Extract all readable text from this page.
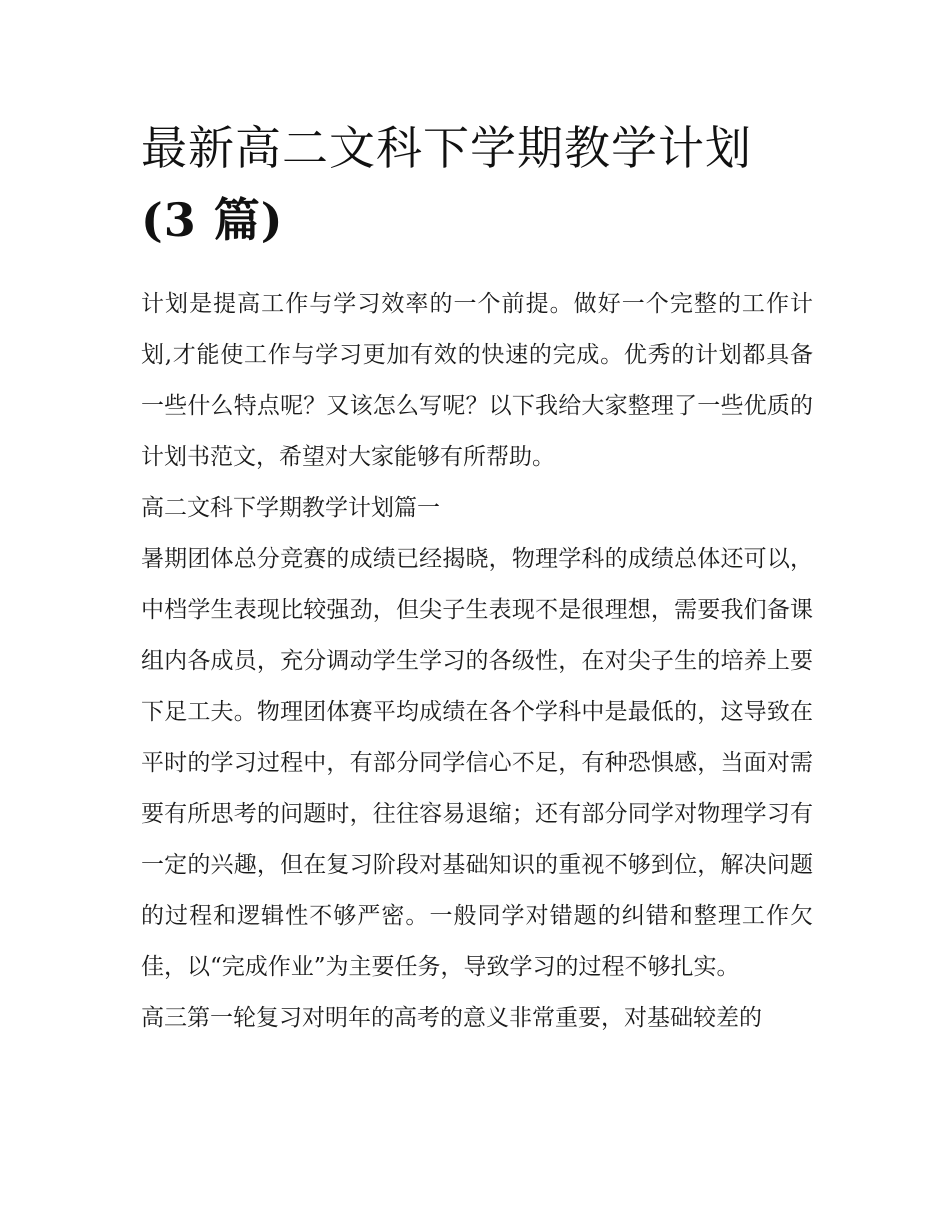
最新高二文科下学期教学计划
(3 篇)

计划是提高工作与学习效率的一个前提。做好一个完整的工作计划,才能使工作与学习更加有效的快速的完成。优秀的计划都具备一些什么特点呢？又该怎么写呢？以下我给大家整理了一些优质的计划书范文，希望对大家能够有所帮助。

高二文科下学期教学计划篇一

暑期团体总分竞赛的成绩已经揭晓，物理学科的成绩总体还可以，中档学生表现比较强劲，但尖子生表现不是很理想，需要我们备课组内各成员，充分调动学生学习的各级性，在对尖子生的培养上要下足工夫。物理团体赛平均成绩在各个学科中是最低的，这导致在平时的学习过程中，有部分同学信心不足，有种恐惧感，当面对需要有所思考的问题时，往往容易退缩；还有部分同学对物理学习有一定的兴趣，但在复习阶段对基础知识的重视不够到位，解决问题的过程和逻辑性不够严密。一般同学对错题的纠错和整理工作欠佳，以“完成作业”为主要任务，导致学习的过程不够扎实。

高三第一轮复习对明年的高考的意义非常重要，对基础较差的
